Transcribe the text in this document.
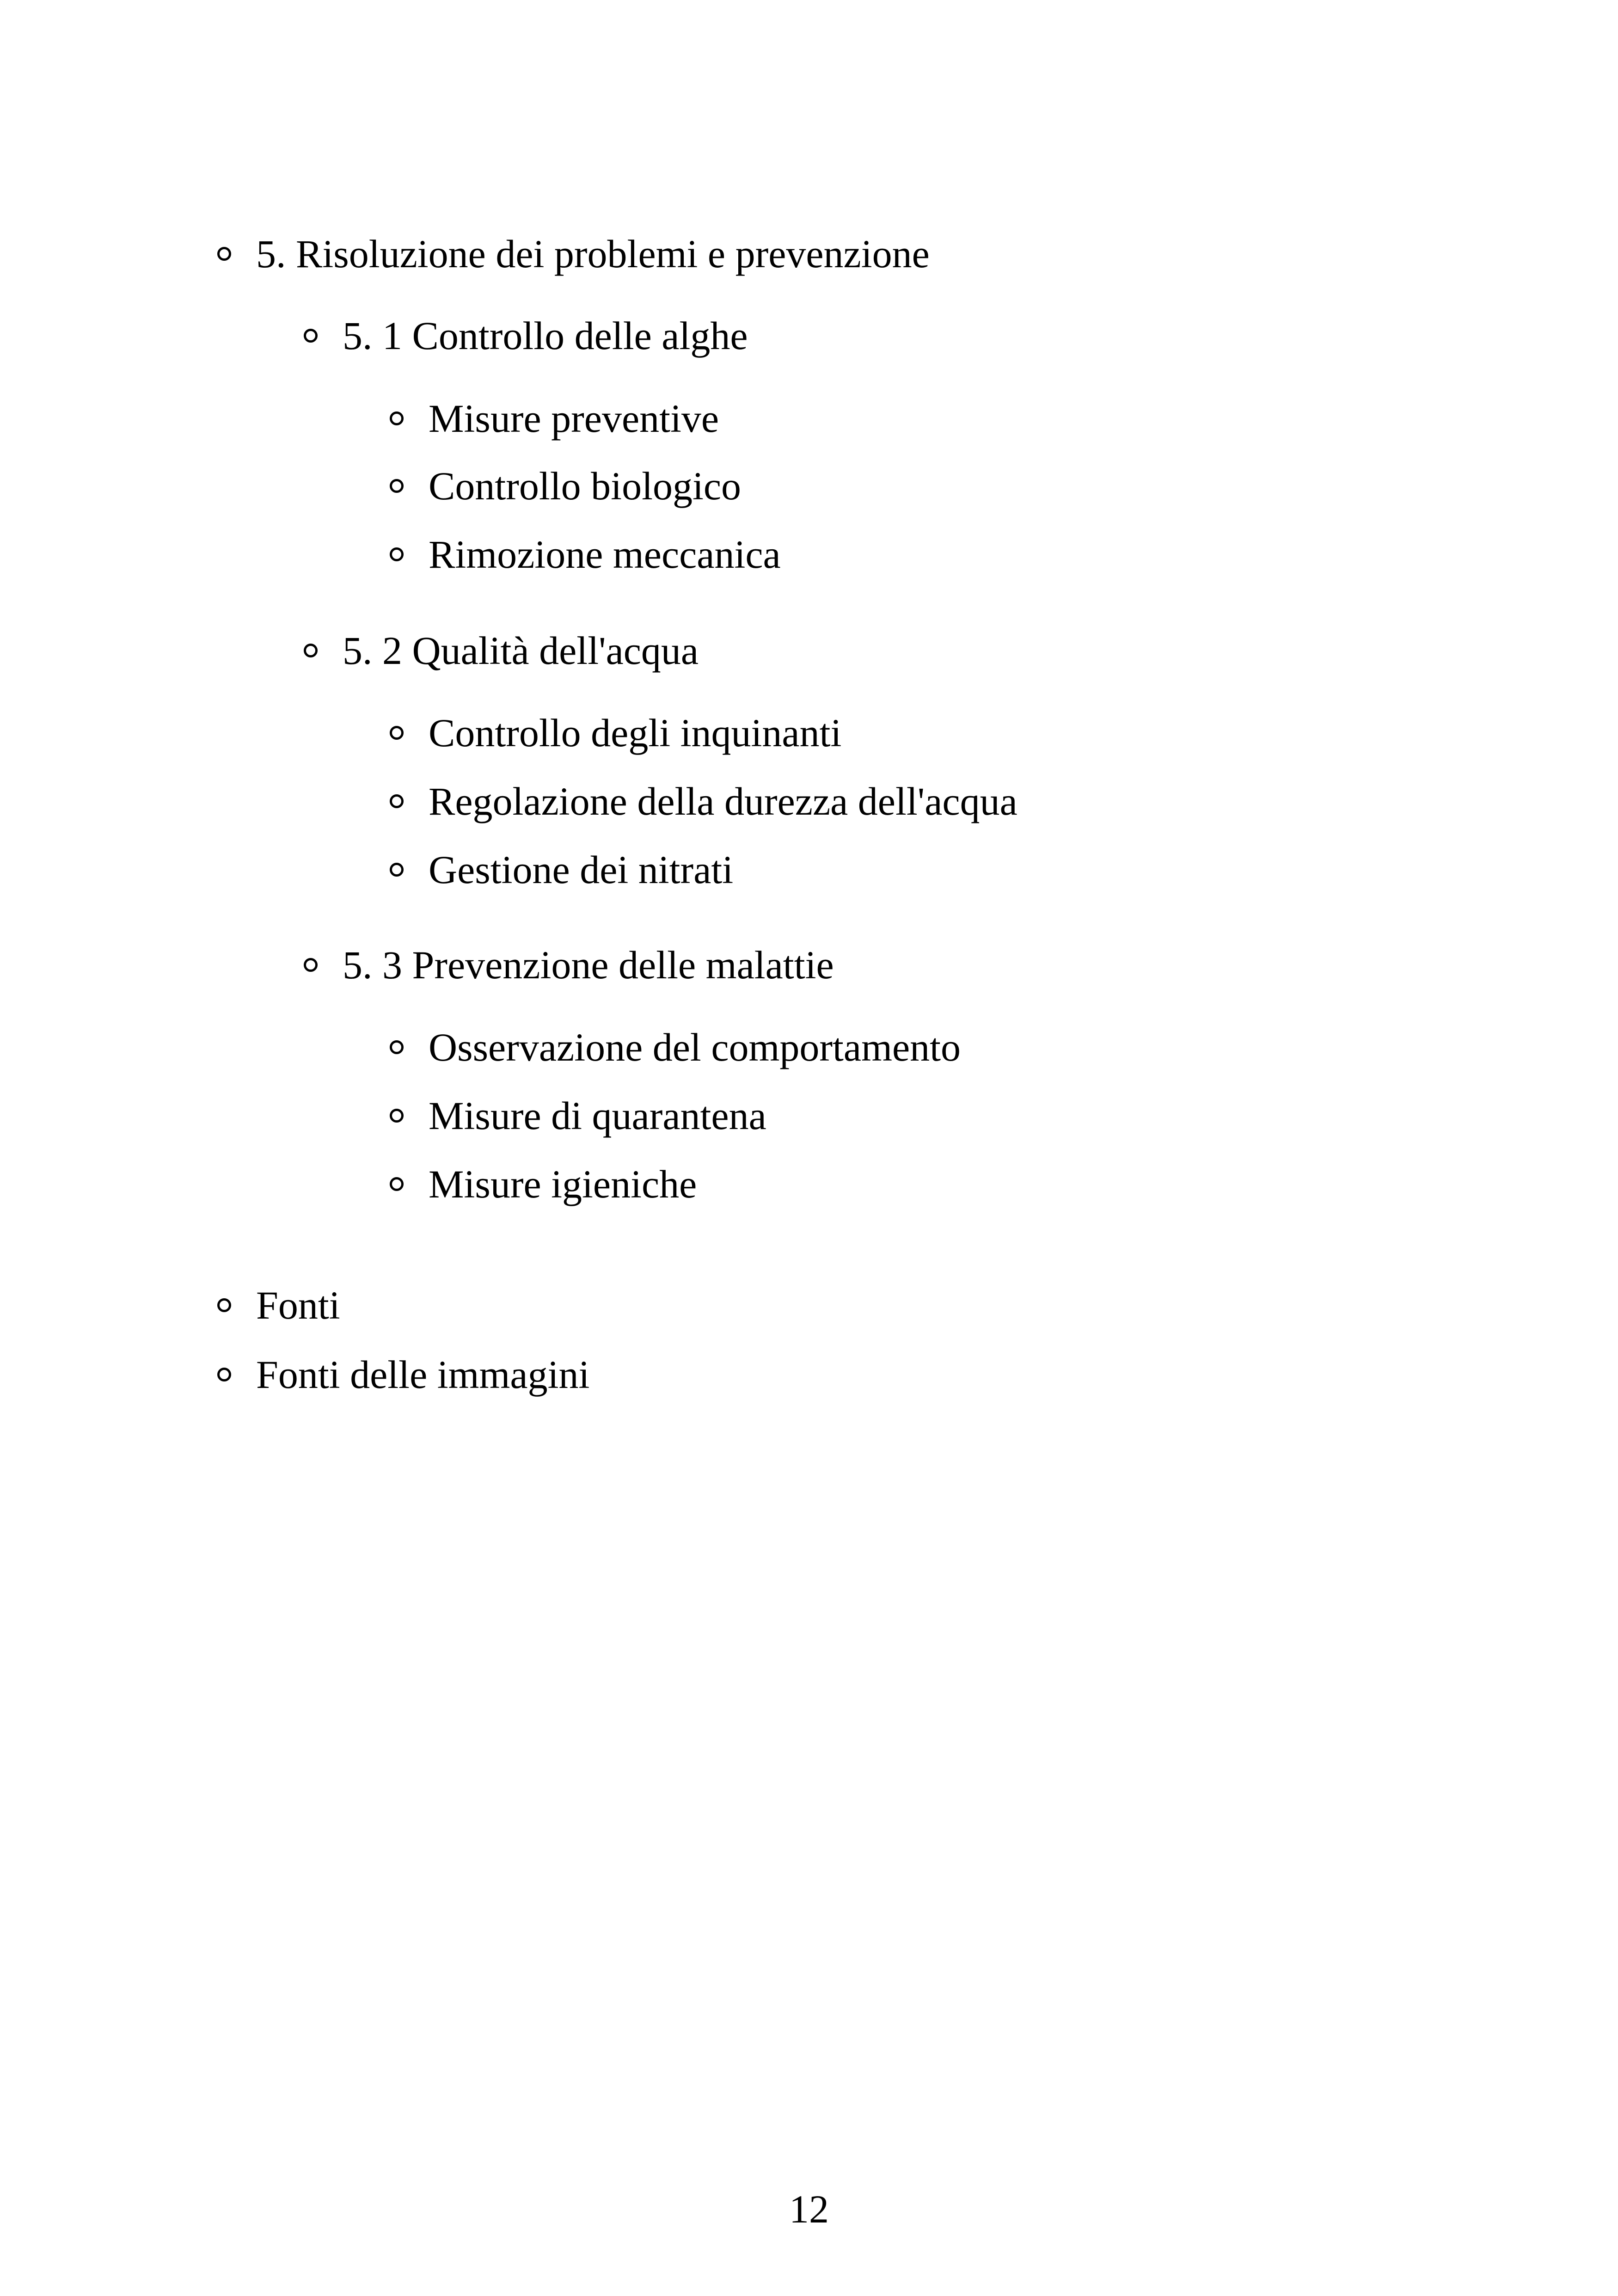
5. Risoluzione dei problemi e prevenzione
5. 1 Controllo delle alghe
Misure preventive
Controllo biologico
Rimozione meccanica
5. 2 Qualità dell'acqua
Controllo degli inquinanti
Regolazione della durezza dell'acqua
Gestione dei nitrati
5. 3 Prevenzione delle malattie
Osservazione del comportamento
Misure di quarantena
Misure igieniche
Fonti
Fonti delle immagini
12
